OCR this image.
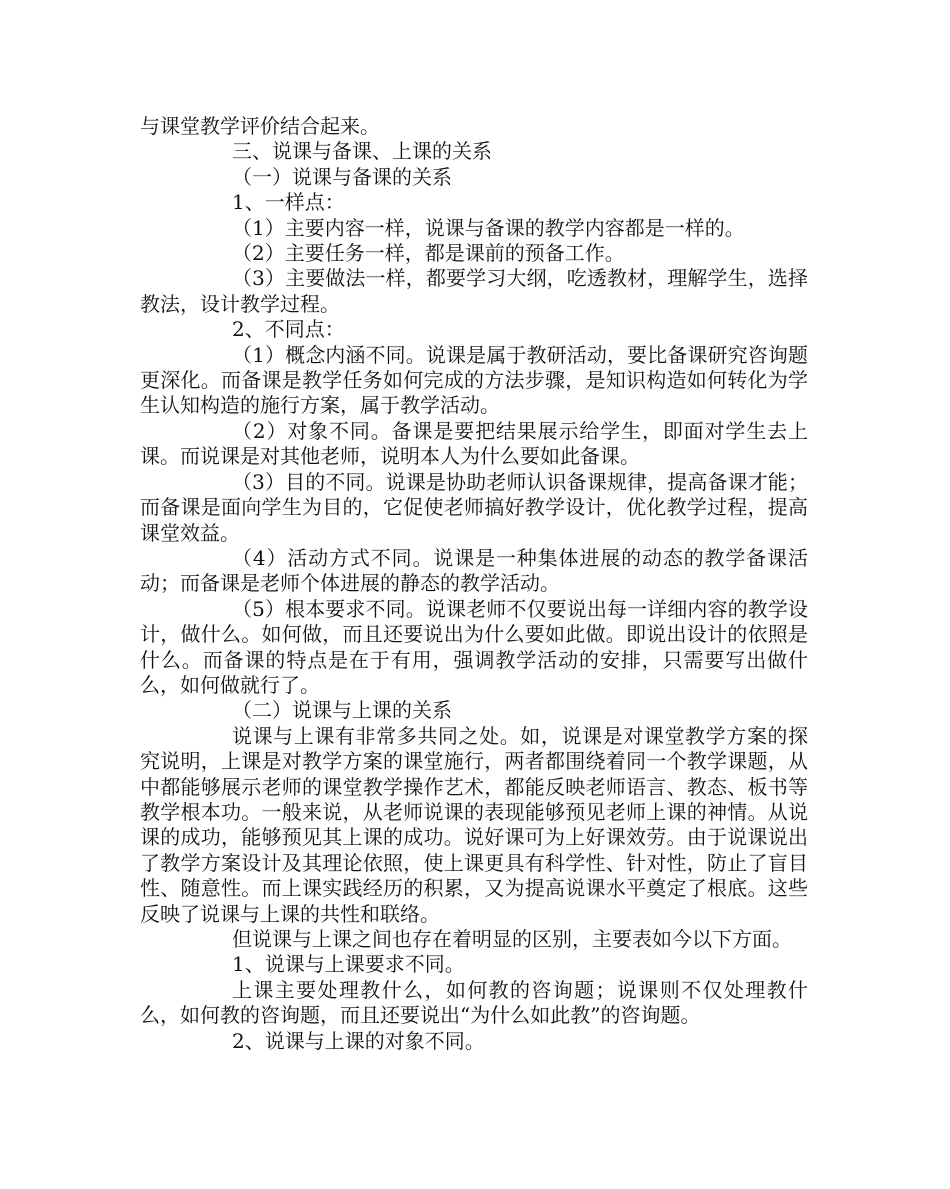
与课堂教学评价结合起来。

三、说课与备课、上课的关系

（一）说课与备课的关系

1、一样点：

（1）主要内容一样，说课与备课的教学内容都是一样的。

（2）主要任务一样，都是课前的预备工作。

（3）主要做法一样，都要学习大纲，吃透教材，理解学生，选择教法，设计教学过程。

2、不同点：

（1）概念内涵不同。说课是属于教研活动，要比备课研究咨询题更深化。而备课是教学任务如何完成的方法步骤，是知识构造如何转化为学生认知构造的施行方案，属于教学活动。

（2）对象不同。备课是要把结果展示给学生，即面对学生去上课。而说课是对其他老师，说明本人为什么要如此备课。

（3）目的不同。说课是协助老师认识备课规律，提高备课才能；而备课是面向学生为目的，它促使老师搞好教学设计，优化教学过程，提高课堂效益。

（4）活动方式不同。说课是一种集体进展的动态的教学备课活动；而备课是老师个体进展的静态的教学活动。

（5）根本要求不同。说课老师不仅要说出每一详细内容的教学设计，做什么。如何做，而且还要说出为什么要如此做。即说出设计的依照是什么。而备课的特点是在于有用，强调教学活动的安排，只需要写出做什么，如何做就行了。

（二）说课与上课的关系

说课与上课有非常多共同之处。如，说课是对课堂教学方案的探究说明，上课是对教学方案的课堂施行，两者都围绕着同一个教学课题，从中都能够展示老师的课堂教学操作艺术，都能反映老师语言、教态、板书等教学根本功。一般来说，从老师说课的表现能够预见老师上课的神情。从说课的成功，能够预见其上课的成功。说好课可为上好课效劳。由于说课说出了教学方案设计及其理论依照，使上课更具有科学性、针对性，防止了盲目性、随意性。而上课实践经历的积累，又为提高说课水平奠定了根底。这些反映了说课与上课的共性和联络。

但说课与上课之间也存在着明显的区别，主要表如今以下方面。

1、说课与上课要求不同。

上课主要处理教什么，如何教的咨询题；说课则不仅处理教什么，如何教的咨询题，而且还要说出“为什么如此教”的咨询题。

2、说课与上课的对象不同。
